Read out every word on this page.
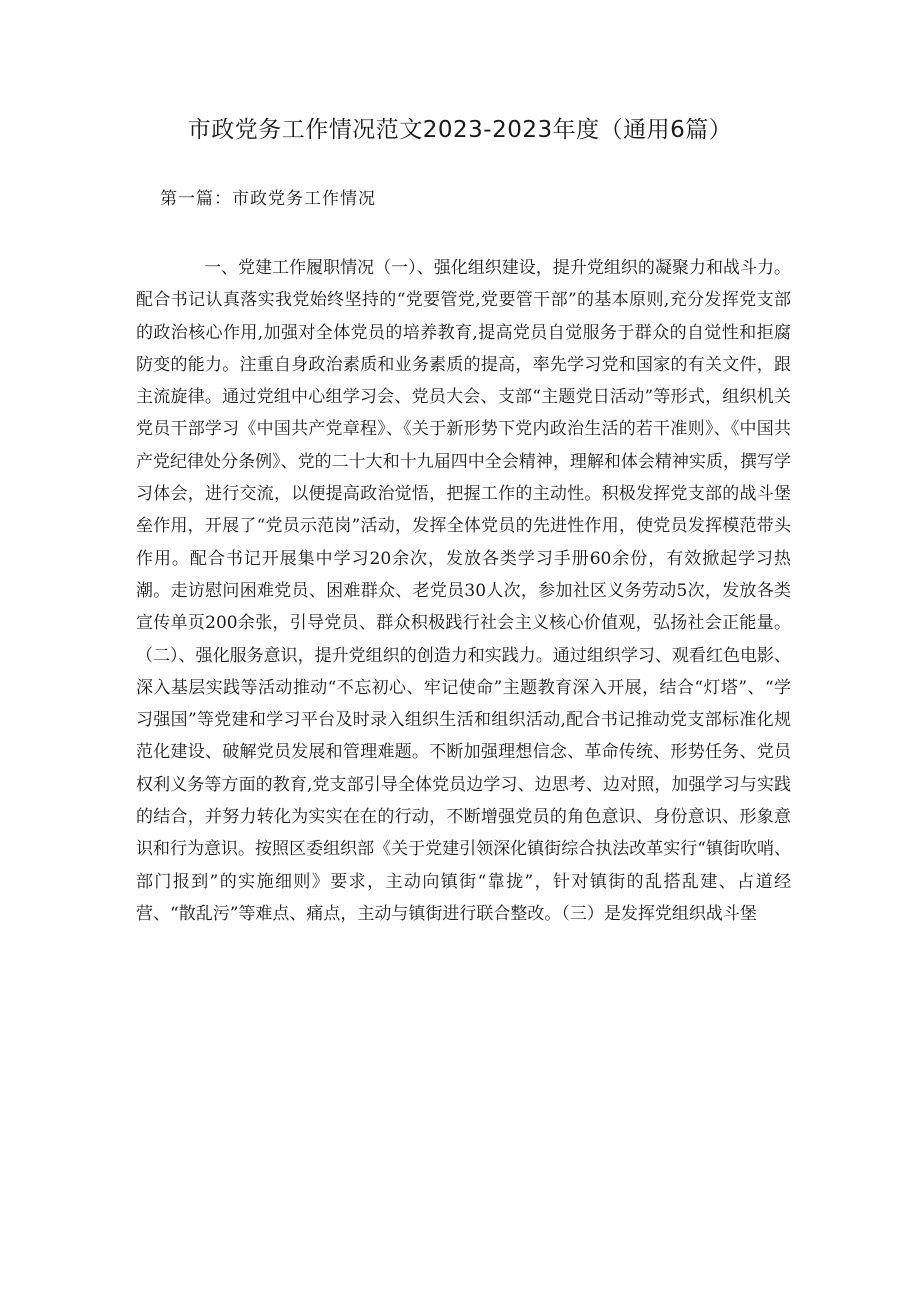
市政党务工作情况范文2023-2023年度（通用6篇）

第一篇：市政党务工作情况

一、党建工作履职情况（一）、强化组织建设，提升党组织的凝聚力和战斗力。配合书记认真落实我党始终坚持的“党要管党,党要管干部”的基本原则,充分发挥党支部的政治核心作用,加强对全体党员的培养教育,提高党员自觉服务于群众的自觉性和拒腐防变的能力。注重自身政治素质和业务素质的提高，率先学习党和国家的有关文件，跟主流旋律。通过党组中心组学习会、党员大会、支部“主题党日活动”等形式，组织机关党员干部学习《中国共产党章程》、《关于新形势下党内政治生活的若干准则》、《中国共产党纪律处分条例》、党的二十大和十九届四中全会精神，理解和体会精神实质，撰写学习体会，进行交流，以便提高政治觉悟，把握工作的主动性。积极发挥党支部的战斗堡垒作用，开展了“党员示范岗”活动，发挥全体党员的先进性作用，使党员发挥模范带头作用。配合书记开展集中学习20余次，发放各类学习手册60余份，有效掀起学习热潮。走访慰问困难党员、困难群众、老党员30人次，参加社区义务劳动5次，发放各类宣传单页200余张，引导党员、群众积极践行社会主义核心价值观，弘扬社会正能量。                （二）、强化服务意识，提升党组织的创造力和实践力。通过组织学习、观看红色电影、深入基层实践等活动推动“不忘初心、牢记使命”主题教育深入开展，结合“灯塔”、“学习强国”等党建和学习平台及时录入组织生活和组织活动,配合书记推动党支部标准化规范化建设、破解党员发展和管理难题。不断加强理想信念、革命传统、形势任务、党员权利义务等方面的教育,党支部引导全体党员边学习、边思考、边对照，加强学习与实践的结合，并努力转化为实实在在的行动，不断增强党员的角色意识、身份意识、形象意识和行为意识。按照区委组织部《关于党建引领深化镇街综合执法改革实行“镇街吹哨、部门报到”的实施细则》要求，主动向镇街“靠拢”，针对镇街的乱搭乱建、占道经营、“散乱污”等难点、痛点，主动与镇街进行联合整改。（三）是发挥党组织战斗堡
